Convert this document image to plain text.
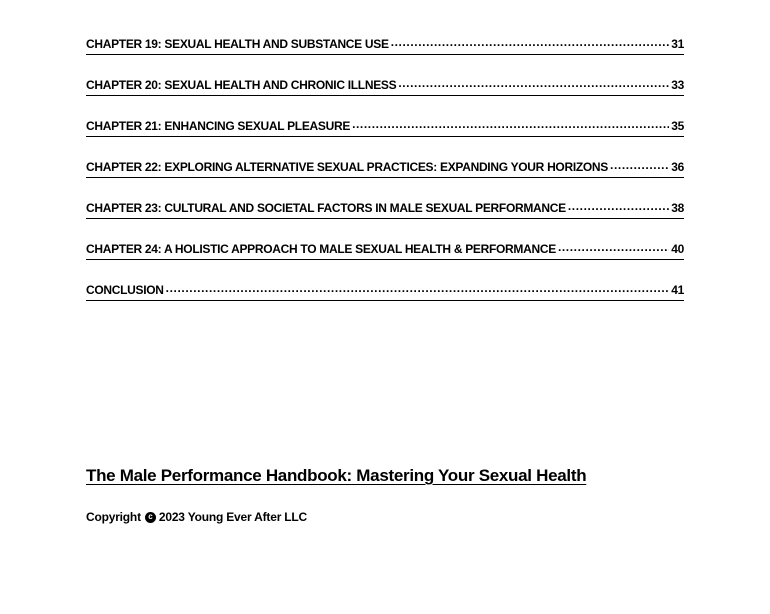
CHAPTER 19: SEXUAL HEALTH AND SUBSTANCE USE .....	31
CHAPTER 20: SEXUAL HEALTH AND CHRONIC ILLNESS .....	33
CHAPTER 21: ENHANCING SEXUAL PLEASURE .....	35
CHAPTER 22: EXPLORING ALTERNATIVE SEXUAL PRACTICES: EXPANDING YOUR HORIZONS .....	36
CHAPTER 23: CULTURAL AND SOCIETAL FACTORS IN MALE SEXUAL PERFORMANCE .....	38
CHAPTER 24: A HOLISTIC APPROACH TO MALE SEXUAL HEALTH & PERFORMANCE .....	40
CONCLUSION .....	41
The Male Performance Handbook: Mastering Your Sexual Health
Copyright c 2023 Young Ever After LLC
